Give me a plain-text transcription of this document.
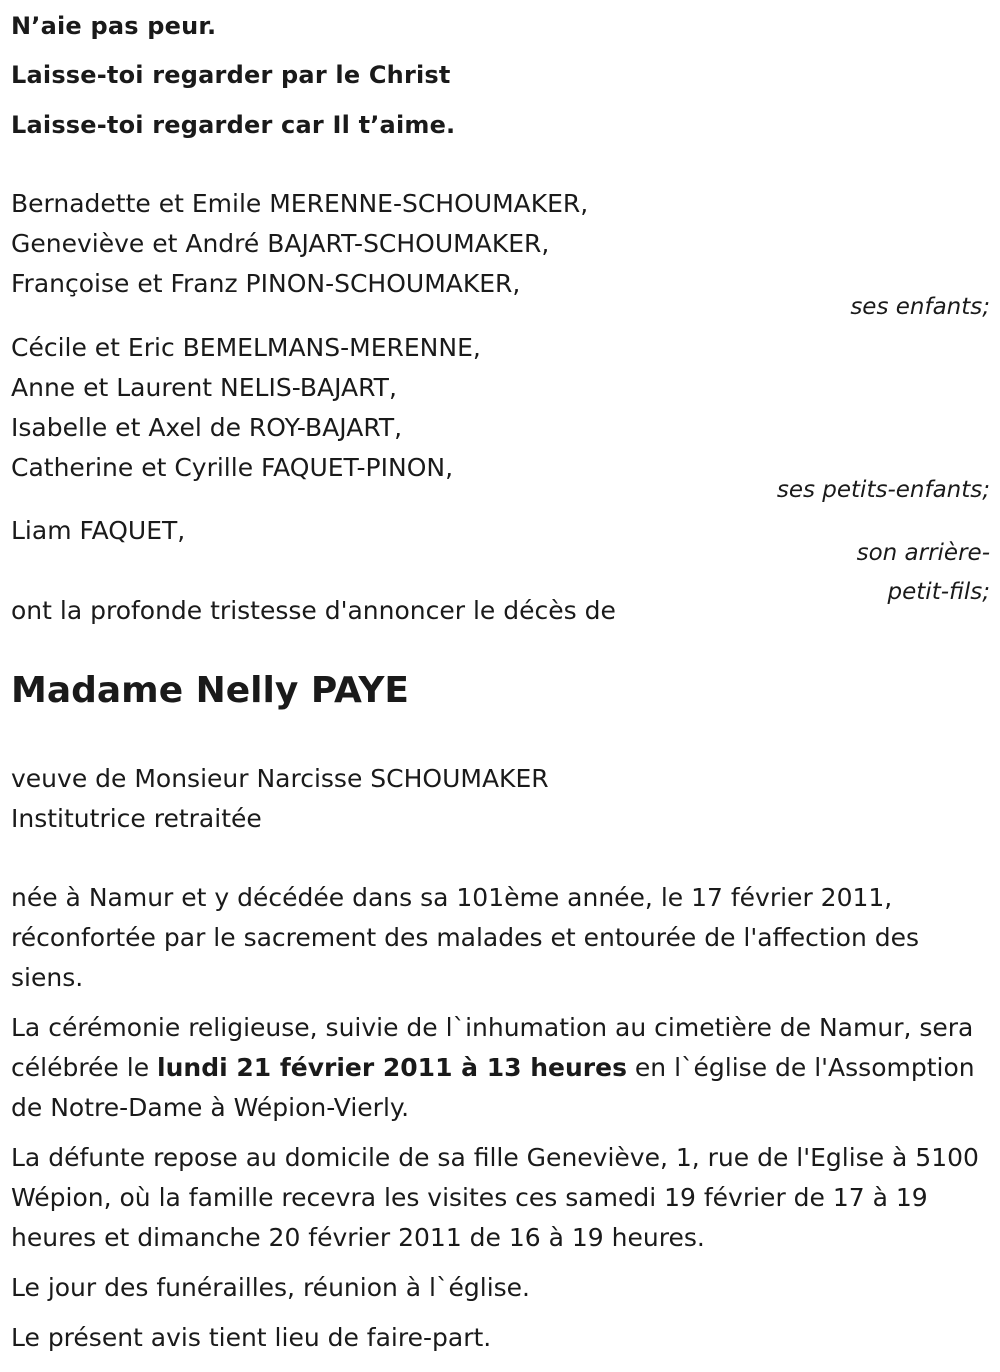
N’aie pas peur.
Laisse-toi regarder par le Christ
Laisse-toi regarder car Il t’aime.
Bernadette et Emile MERENNE-SCHOUMAKER,
Geneviève et André BAJART-SCHOUMAKER,
Françoise et Franz PINON-SCHOUMAKER,
ses enfants;
Cécile et Eric BEMELMANS-MERENNE,
Anne et Laurent NELIS-BAJART,
Isabelle et Axel de ROY-BAJART,
Catherine et Cyrille FAQUET-PINON,
ses petits-enfants;
Liam FAQUET,
son arrière-
petit-fils;
ont la profonde tristesse d'annoncer le décès de
Madame Nelly PAYE
veuve de Monsieur Narcisse SCHOUMAKER
Institutrice retraitée
née à Namur et y décédée dans sa 101ème année, le 17 février 2011, réconfortée par le sacrement des malades et entourée de l'affection des siens.
La cérémonie religieuse, suivie de l`inhumation au cimetière de Namur, sera célébrée le lundi 21 février 2011 à 13 heures en l`église de l'Assomption de Notre-Dame à Wépion-Vierly.
La défunte repose au domicile de sa fille Geneviève, 1, rue de l'Eglise à 5100 Wépion, où la famille recevra les visites ces samedi 19 février de 17 à 19 heures et dimanche 20 février 2011 de 16 à 19 heures.
Le jour des funérailles, réunion à l`église.
Le présent avis tient lieu de faire-part.
